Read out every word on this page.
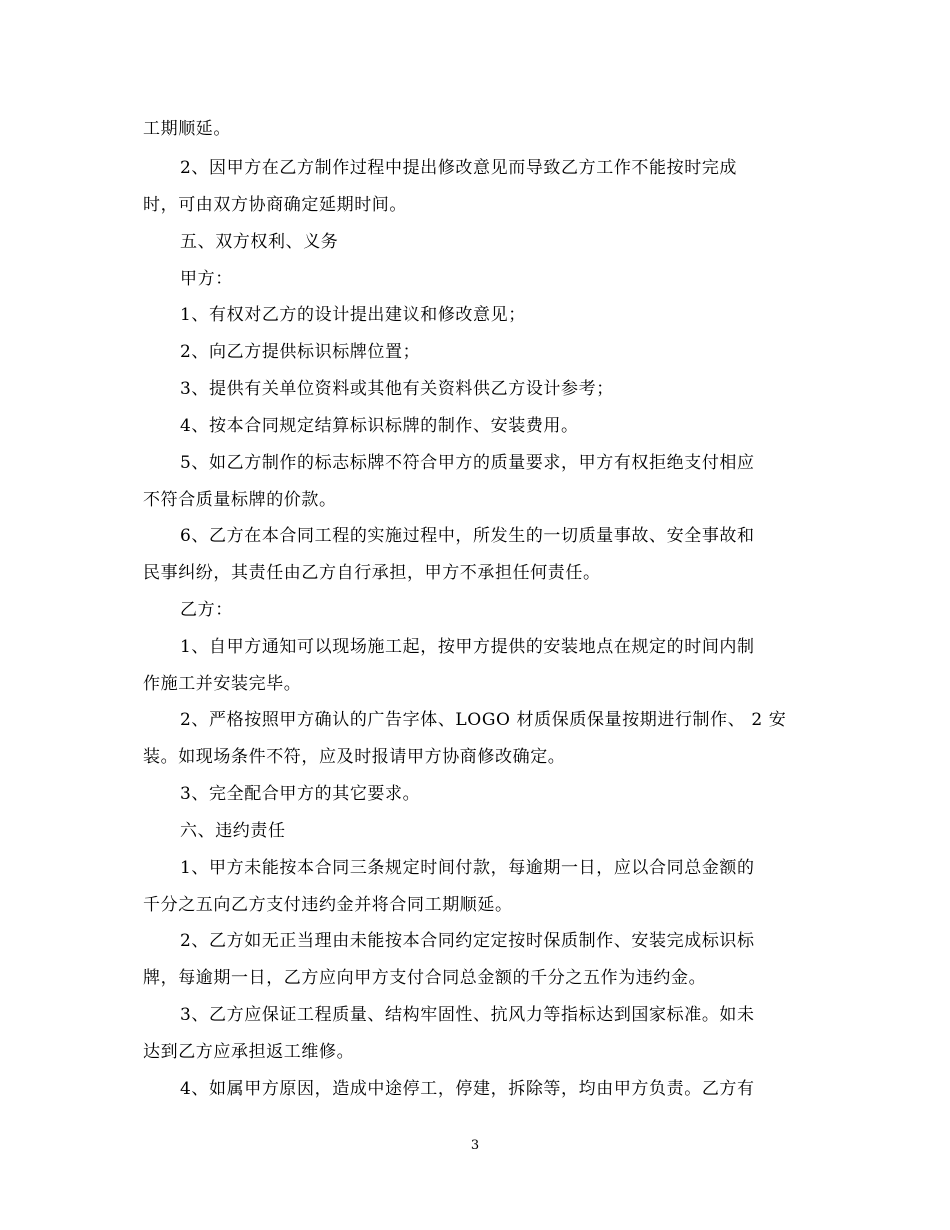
工期顺延。
2、因甲方在乙方制作过程中提出修改意见而导致乙方工作不能按时完成
时，可由双方协商确定延期时间。
五、双方权利、义务
甲方：
1、有权对乙方的设计提出建议和修改意见；
2、向乙方提供标识标牌位置；
3、提供有关单位资料或其他有关资料供乙方设计参考；
4、按本合同规定结算标识标牌的制作、安装费用。
5、如乙方制作的标志标牌不符合甲方的质量要求，甲方有权拒绝支付相应
不符合质量标牌的价款。
6、乙方在本合同工程的实施过程中，所发生的一切质量事故、安全事故和
民事纠纷，其责任由乙方自行承担，甲方不承担任何责任。
乙方：
1、自甲方通知可以现场施工起，按甲方提供的安装地点在规定的时间内制
作施工并安装完毕。
2、严格按照甲方确认的广告字体、LOGO 材质保质保量按期进行制作、 2 安
装。如现场条件不符，应及时报请甲方协商修改确定。
3、完全配合甲方的其它要求。
六、违约责任
1、甲方未能按本合同三条规定时间付款，每逾期一日，应以合同总金额的
千分之五向乙方支付违约金并将合同工期顺延。
2、乙方如无正当理由未能按本合同约定定按时保质制作、安装完成标识标
牌，每逾期一日，乙方应向甲方支付合同总金额的千分之五作为违约金。
3、乙方应保证工程质量、结构牢固性、抗风力等指标达到国家标准。如未
达到乙方应承担返工维修。
4、如属甲方原因，造成中途停工，停建，拆除等，均由甲方负责。乙方有
3
